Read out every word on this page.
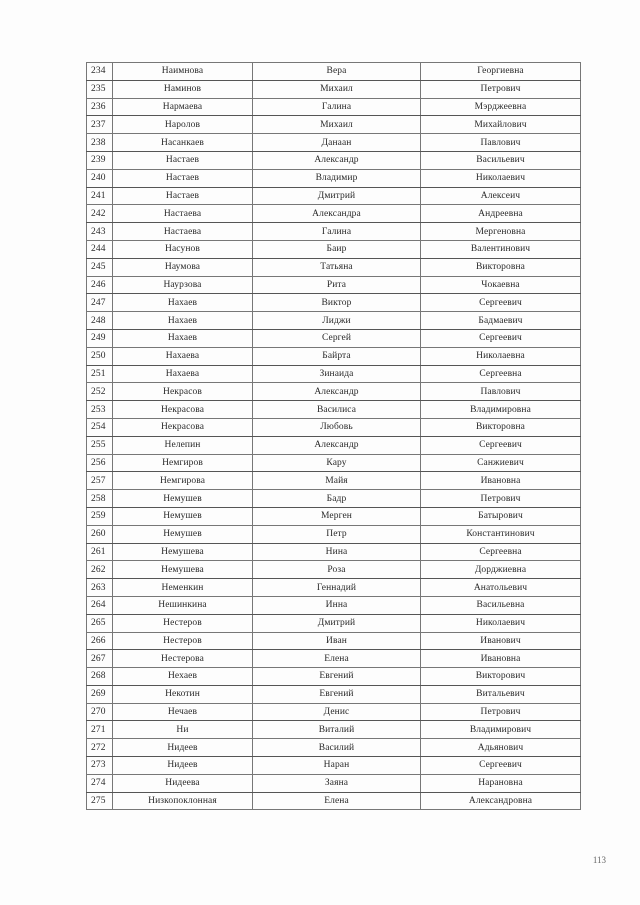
234	Наимнова	Вера	Георгиевна
235	Наминов	Михаил	Петрович
236	Нармаева	Галина	Мэрджеевна
237	Наролов	Михаил	Михайлович
238	Насанкаев	Данаан	Павлович
239	Настаев	Александр	Васильевич
240	Настаев	Владимир	Николаевич
241	Настаев	Дмитрий	Алексеич
242	Настаева	Александра	Андреевна
243	Настаева	Галина	Мергеновна
244	Насунов	Баир	Валентинович
245	Наумова	Татьяна	Викторовна
246	Наурзова	Рита	Чокаевна
247	Нахаев	Виктор	Сергеевич
248	Нахаев	Лиджи	Бадмаевич
249	Нахаев	Сергей	Сергеевич
250	Нахаева	Байрта	Николаевна
251	Нахаева	Зинаида	Сергеевна
252	Некрасов	Александр	Павлович
253	Некрасова	Василиса	Владимировна
254	Некрасова	Любовь	Викторовна
255	Нелепин	Александр	Сергеевич
256	Немгиров	Кару	Санжиевич
257	Немгирова	Майя	Ивановна
258	Немушев	Бадр	Петрович
259	Немушев	Мерген	Батырович
260	Немушев	Петр	Константинович
261	Немушева	Нина	Сергеевна
262	Немушева	Роза	Дорджиевна
263	Неменкин	Геннадий	Анатольевич
264	Нешинкина	Инна	Васильевна
265	Нестеров	Дмитрий	Николаевич
266	Нестеров	Иван	Иванович
267	Нестерова	Елена	Ивановна
268	Нехаев	Евгений	Викторович
269	Некотин	Евгений	Витальевич
270	Нечаев	Денис	Петрович
271	Ни	Виталий	Владимирович
272	Нидеев	Василий	Адьянович
273	Нидеев	Наран	Сергеевич
274	Нидеева	Заяна	Нарановна
275	Низкопоклонная	Елена	Александровна
113
